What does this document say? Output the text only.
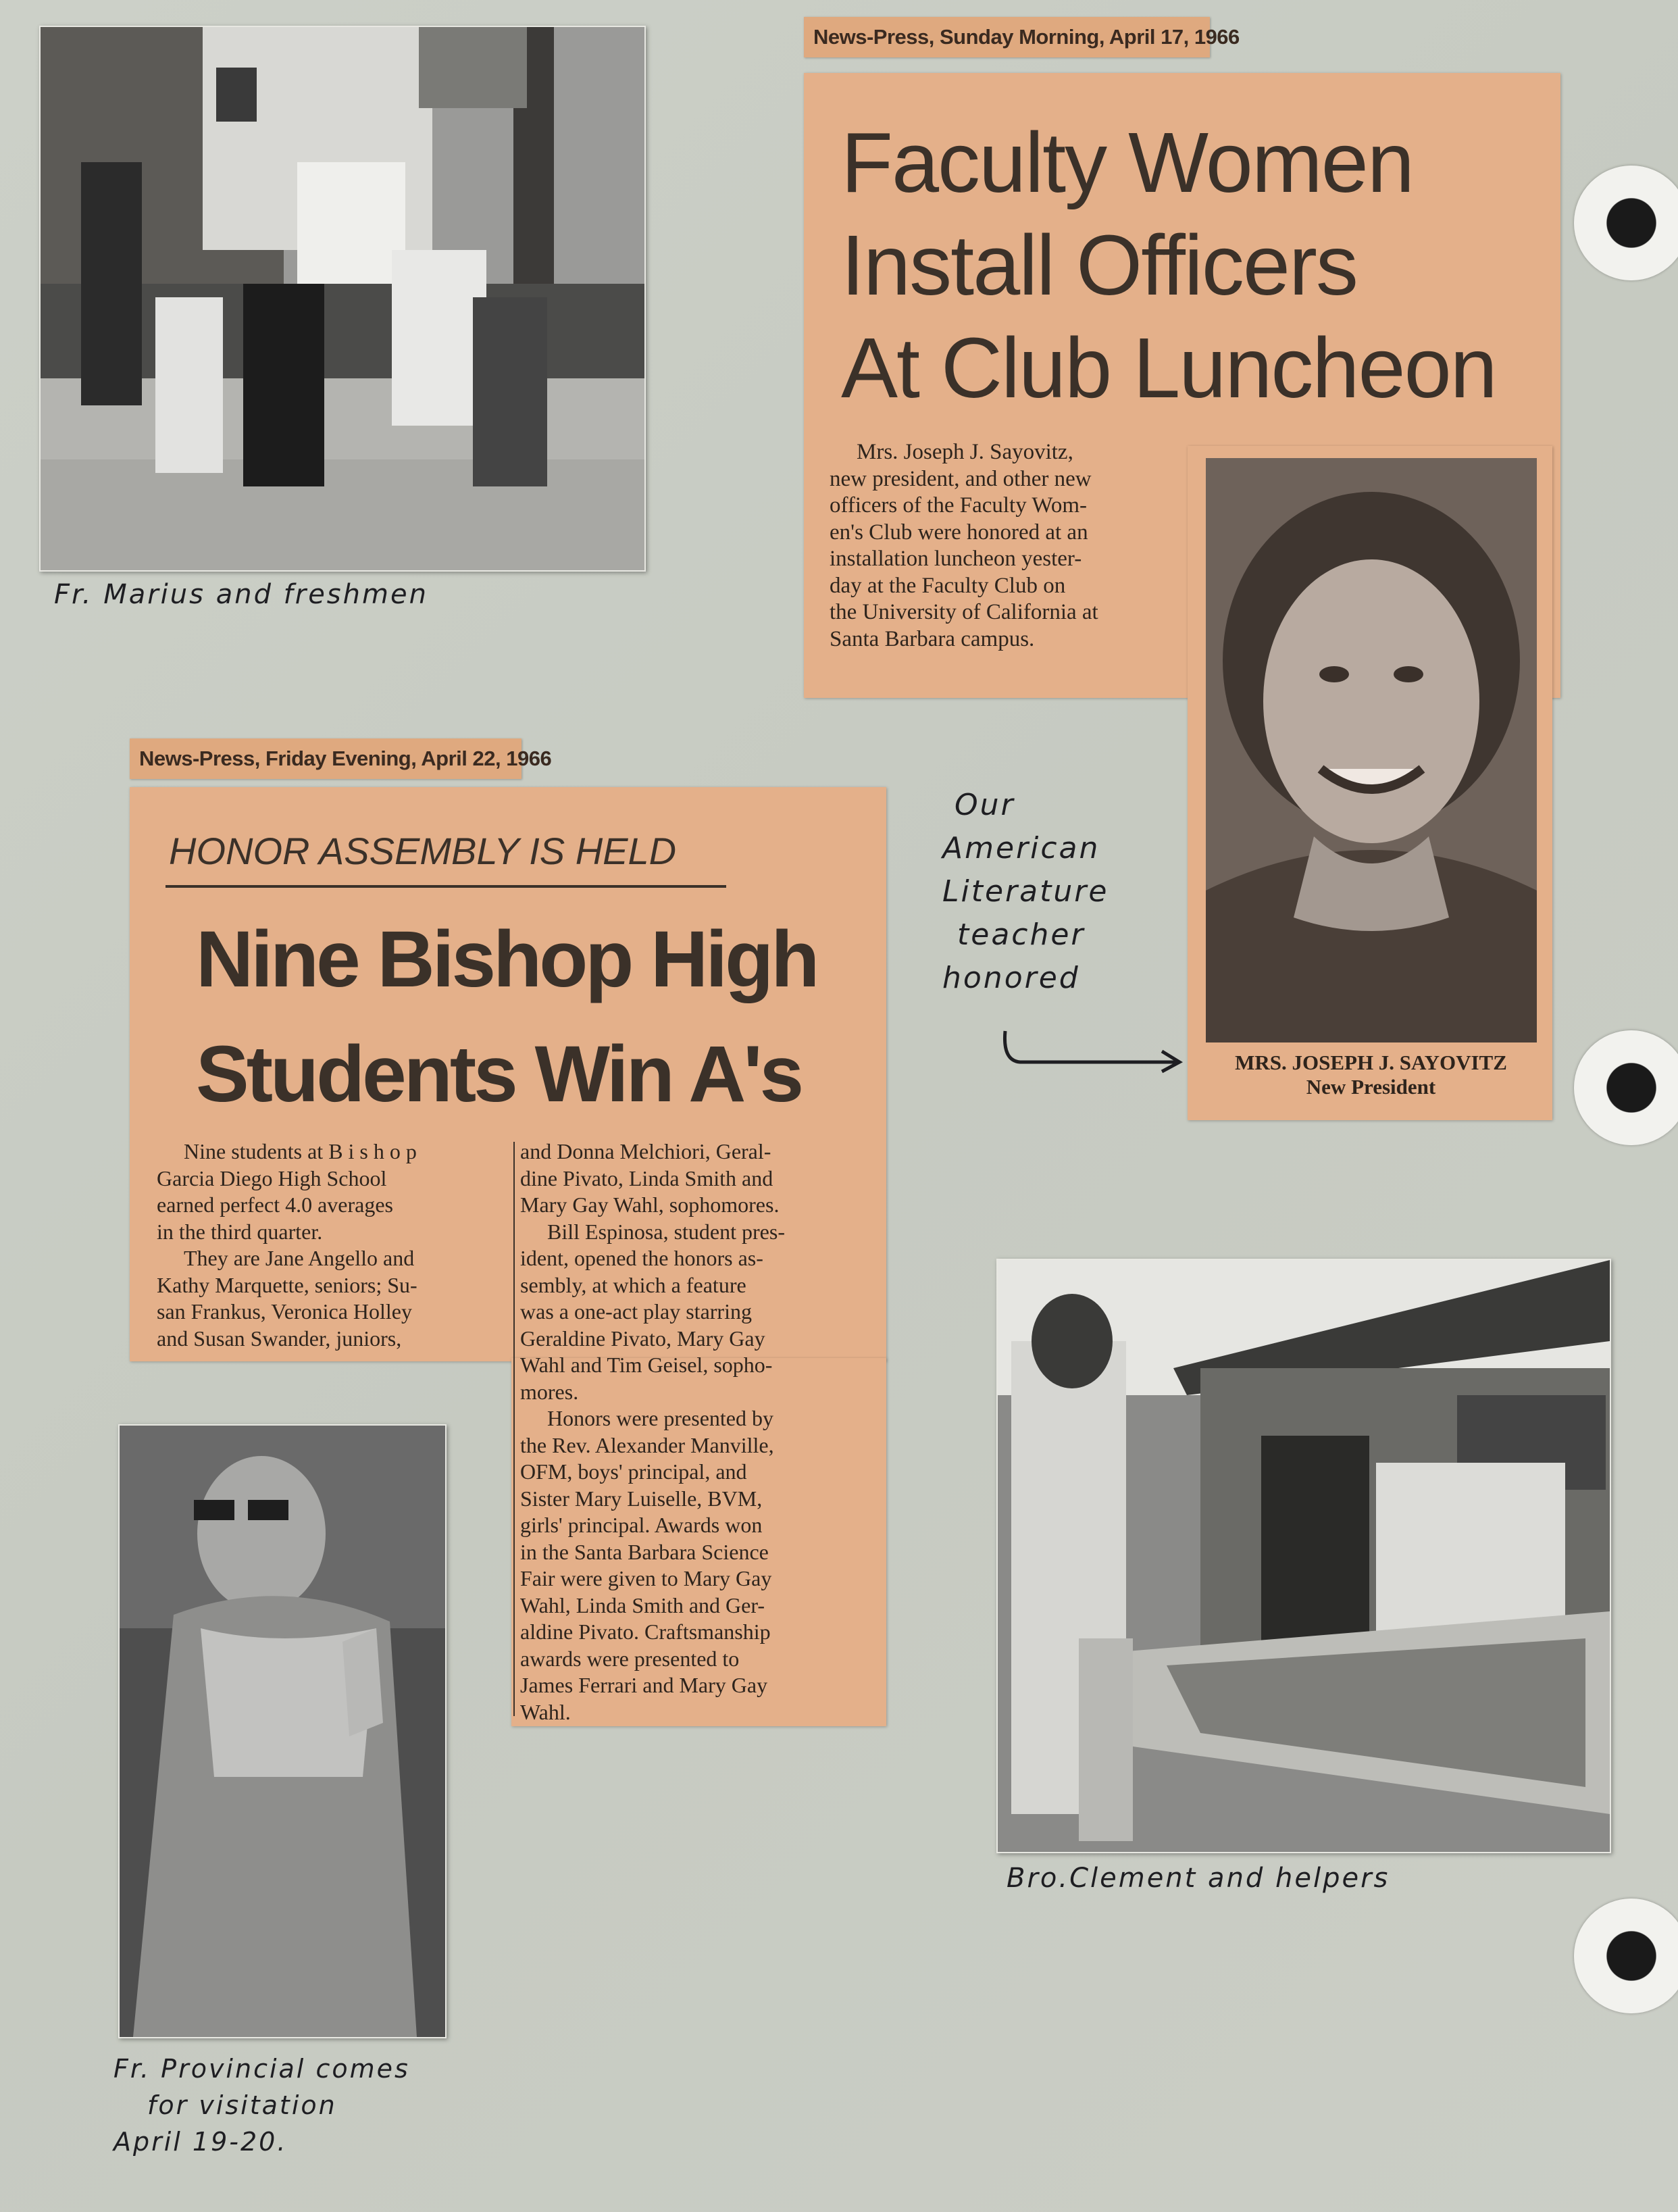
Fr. Marius and freshmen
News-Press, Sunday Morning, April 17, 1966
Faculty Women
Install Officers
At Club Luncheon
Mrs. Joseph J. Sayovitz,
new president, and other new
officers of the Faculty Wom-
en's Club were honored at an
installation luncheon yester-
day at the Faculty Club on
the University of California at
Santa Barbara campus.
MRS. JOSEPH J. SAYOVITZ
New President
Our
American
Literature
teacher
honored
News-Press, Friday Evening, April 22, 1966
HONOR ASSEMBLY IS HELD
Nine Bishop High
Students Win A's
Nine students at B i s h o p
Garcia Diego High School
earned perfect 4.0 averages
in the third quarter.
They are Jane Angello and
Kathy Marquette, seniors; Su-
san Frankus, Veronica Holley
and Susan Swander, juniors,
and Donna Melchiori, Geral-
dine Pivato, Linda Smith and
Mary Gay Wahl, sophomores.
Bill Espinosa, student pres-
ident, opened the honors as-
sembly, at which a feature
was a one-act play starring
Geraldine Pivato, Mary Gay
Wahl and Tim Geisel, sopho-
mores.
Honors were presented by
the Rev. Alexander Manville,
OFM, boys' principal, and
Sister Mary Luiselle, BVM,
girls' principal. Awards won
in the Santa Barbara Science
Fair were given to Mary Gay
Wahl, Linda Smith and Ger-
aldine Pivato. Craftsmanship
awards were presented to
James Ferrari and Mary Gay
Wahl.
Fr. Provincial comes
for visitation
April 19-20.
Bro.Clement and helpers
